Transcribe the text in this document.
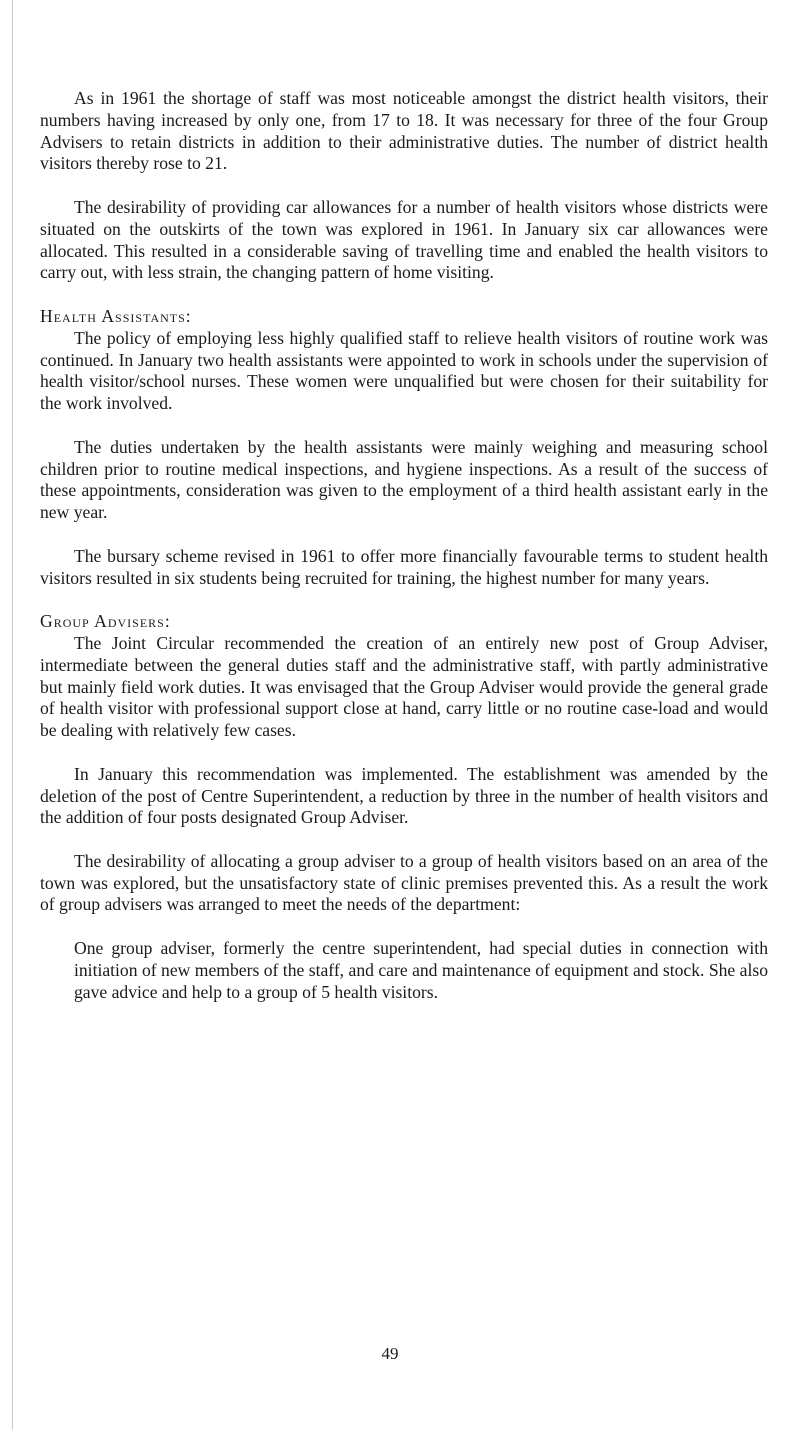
As in 1961 the shortage of staff was most noticeable amongst the district health visitors, their numbers having increased by only one, from 17 to 18. It was necessary for three of the four Group Advisers to retain districts in addition to their administrative duties. The number of district health visitors thereby rose to 21.

The desirability of providing car allowances for a number of health visitors whose districts were situated on the outskirts of the town was explored in 1961. In January six car allowances were allocated. This resulted in a considerable saving of travelling time and enabled the health visitors to carry out, with less strain, the changing pattern of home visiting.

Health Assistants:

The policy of employing less highly qualified staff to relieve health visitors of routine work was continued. In January two health assistants were appointed to work in schools under the supervision of health visitor/school nurses. These women were unqualified but were chosen for their suitability for the work involved.

The duties undertaken by the health assistants were mainly weighing and measuring school children prior to routine medical inspections, and hygiene inspections. As a result of the success of these appointments, consideration was given to the employment of a third health assistant early in the new year.

The bursary scheme revised in 1961 to offer more financially favourable terms to student health visitors resulted in six students being recruited for training, the highest number for many years.

Group Advisers:

The Joint Circular recommended the creation of an entirely new post of Group Adviser, intermediate between the general duties staff and the administrative staff, with partly administrative but mainly field work duties. It was envisaged that the Group Adviser would provide the general grade of health visitor with professional support close at hand, carry little or no routine case-load and would be dealing with relatively few cases.

In January this recommendation was implemented. The establishment was amended by the deletion of the post of Centre Superintendent, a reduction by three in the number of health visitors and the addition of four posts designated Group Adviser.

The desirability of allocating a group adviser to a group of health visitors based on an area of the town was explored, but the unsatisfactory state of clinic premises prevented this. As a result the work of group advisers was arranged to meet the needs of the department:

One group adviser, formerly the centre superintendent, had special duties in connection with initiation of new members of the staff, and care and maintenance of equipment and stock. She also gave advice and help to a group of 5 health visitors.

49
